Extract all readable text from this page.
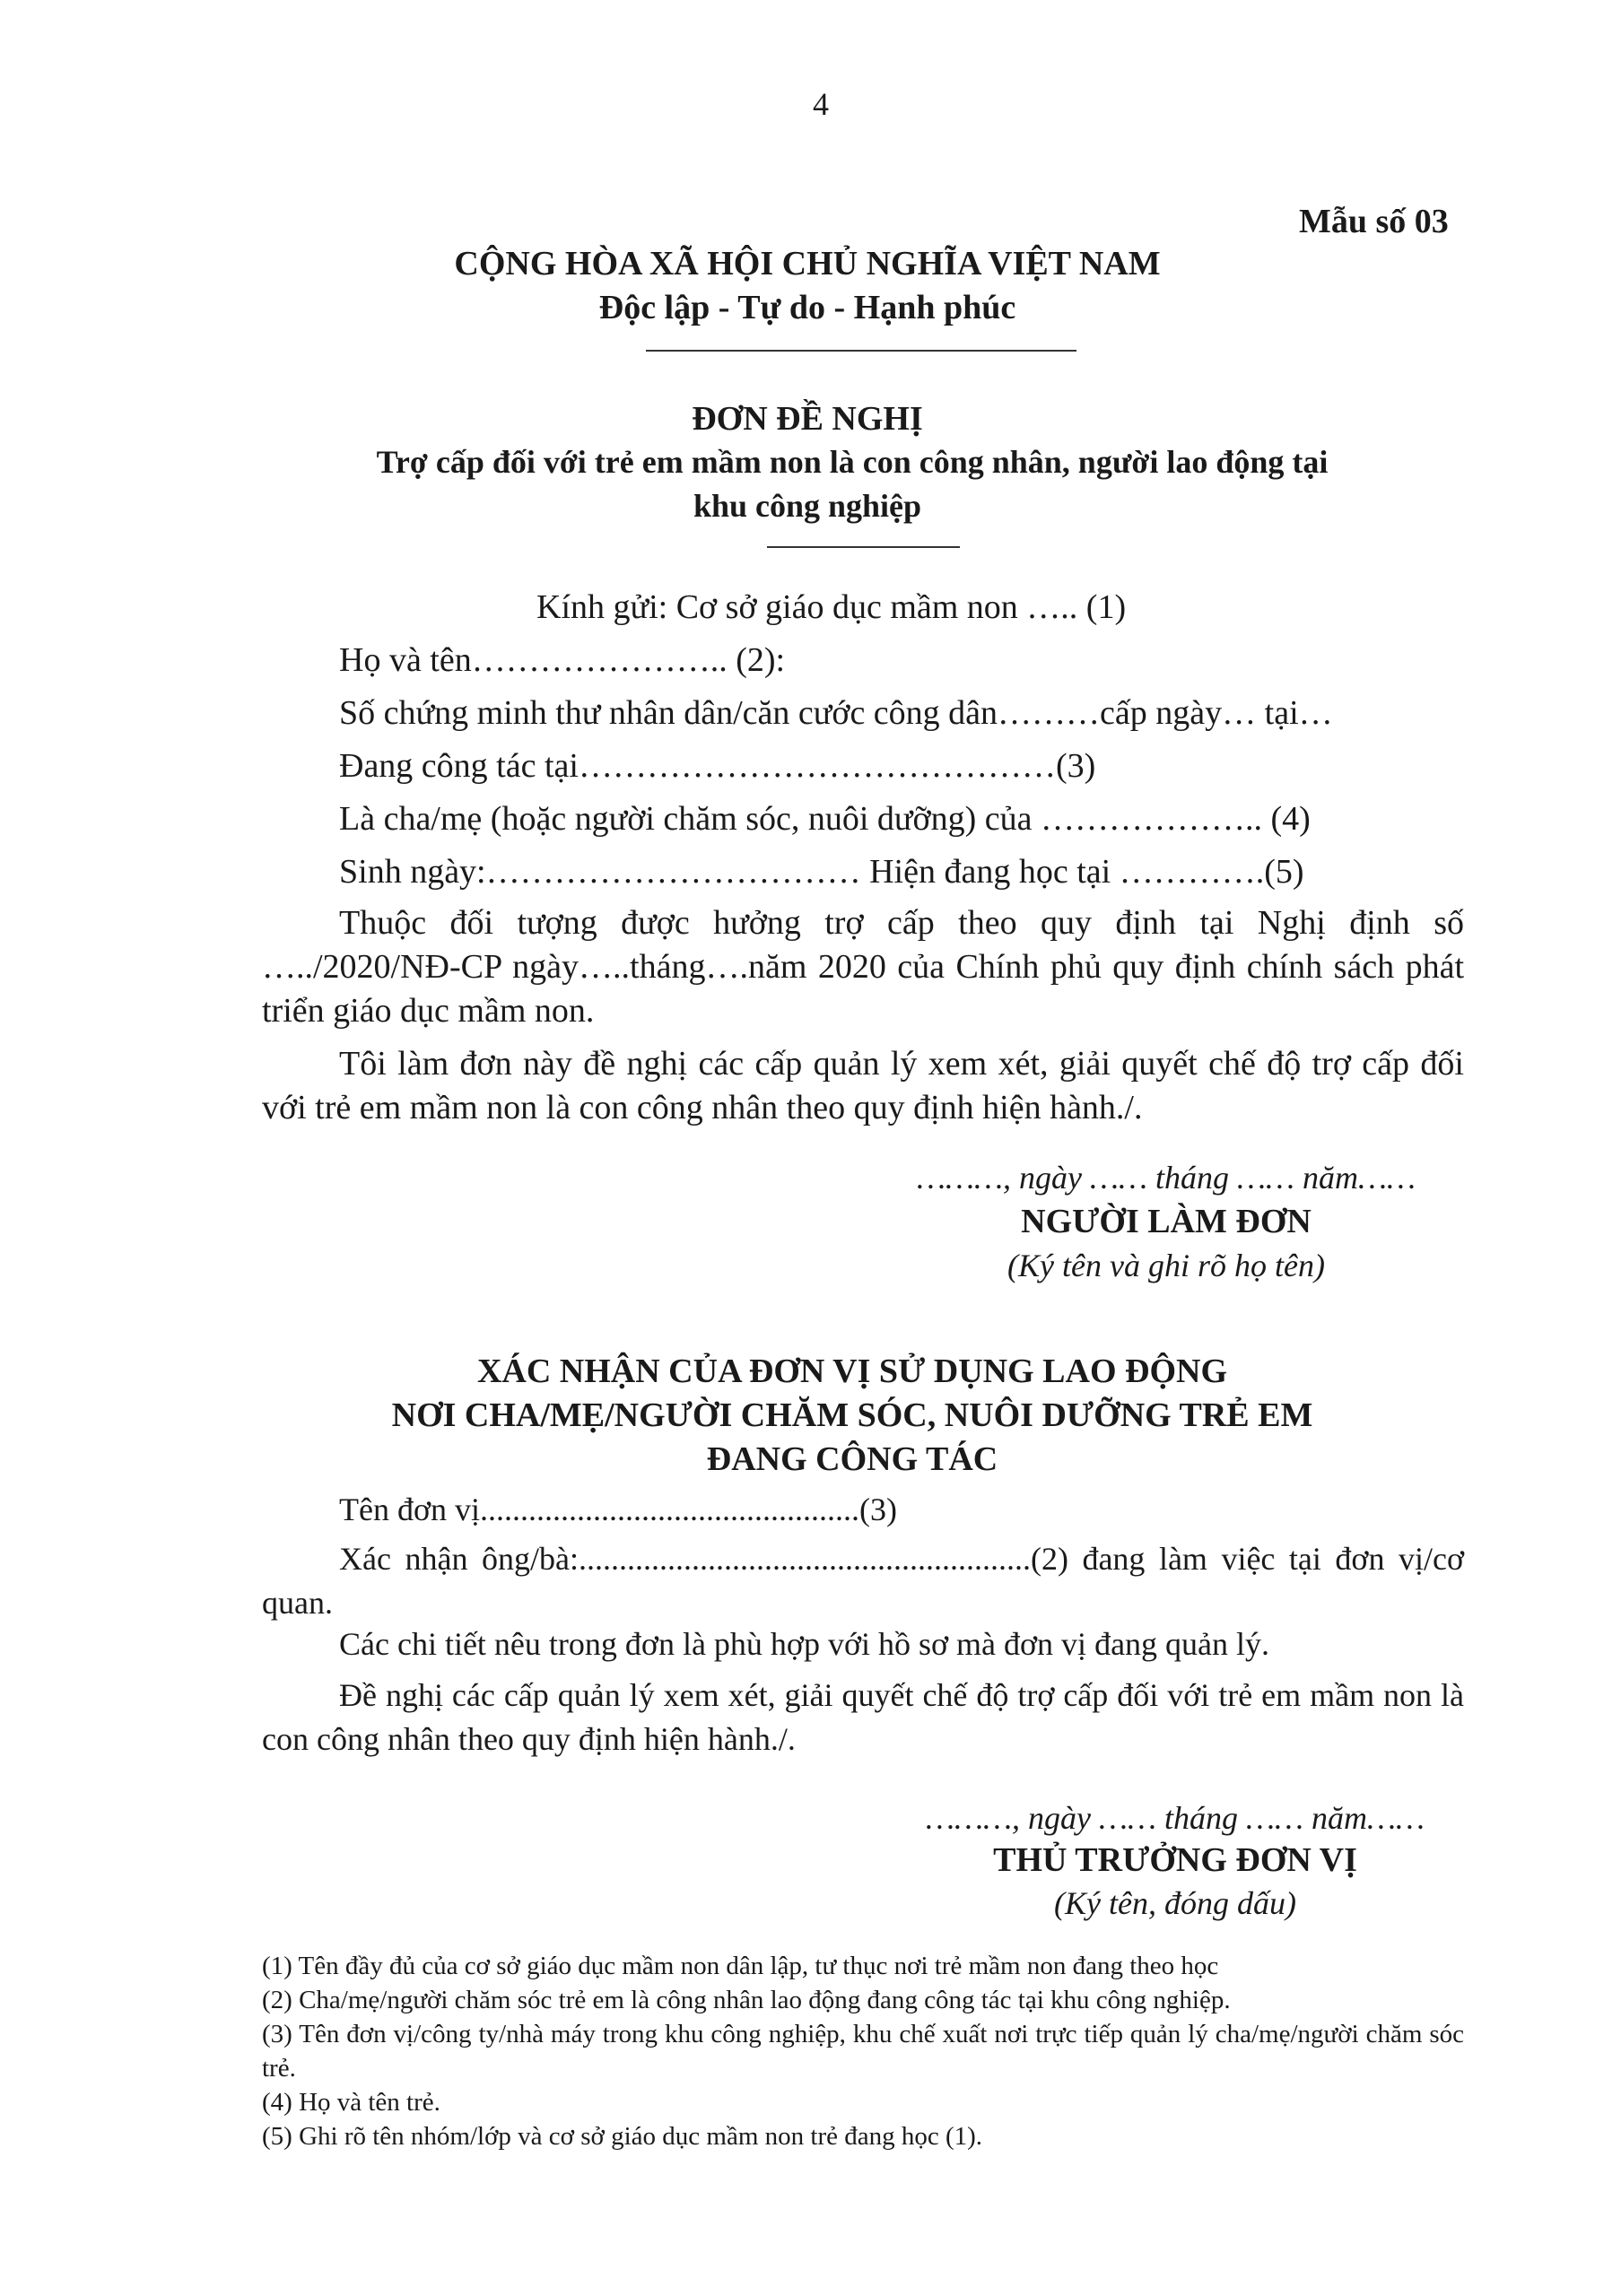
4
Mẫu số 03
CỘNG HÒA XÃ HỘI CHỦ NGHĨA VIỆT NAM
Độc lập - Tự do - Hạnh phúc
ĐƠN ĐỀ NGHỊ
Trợ cấp đối với trẻ em mầm non là con công nhân, người lao động tại
khu công nghiệp
Kính gửi: Cơ sở giáo dục mầm non ….. (1)
Họ và tên………………….. (2):
Số chứng minh thư nhân dân/căn cước công dân………cấp ngày… tại…
Đang công tác tại……………………………………(3)
Là cha/mẹ (hoặc người chăm sóc, nuôi dưỡng) của ……………….. (4)
Sinh ngày:…………………………… Hiện đang học tại ………….(5)
Thuộc đối tượng được hưởng trợ cấp theo quy định tại Nghị định số …../2020/NĐ-CP ngày…..tháng….năm 2020 của Chính phủ quy định chính sách phát triển giáo dục mầm non.
Tôi làm đơn này đề nghị các cấp quản lý xem xét, giải quyết chế độ trợ cấp đối với trẻ em mầm non là con công nhân theo quy định hiện hành./.
………, ngày …… tháng …… năm……
NGƯỜI LÀM ĐƠN
(Ký tên và ghi rõ họ tên)
XÁC NHẬN CỦA ĐƠN VỊ SỬ DỤNG LAO ĐỘNG
NƠI CHA/MẸ/NGƯỜI CHĂM SÓC, NUÔI DƯỠNG TRẺ EM
ĐANG CÔNG TÁC
Tên đơn vị...............................................(3)
Xác nhận ông/bà:........................................................(2) đang làm việc tại đơn vị/cơ quan.
Các chi tiết nêu trong đơn là phù hợp với hồ sơ mà đơn vị đang quản lý.
Đề nghị các cấp quản lý xem xét, giải quyết chế độ trợ cấp đối với trẻ em mầm non là con công nhân theo quy định hiện hành./.
………, ngày …… tháng …… năm……
THỦ TRƯỞNG ĐƠN VỊ
(Ký tên, đóng dấu)
(1) Tên đầy đủ của cơ sở giáo dục mầm non dân lập, tư thục nơi trẻ mầm non đang theo học
(2) Cha/mẹ/người chăm sóc trẻ em là công nhân lao động đang công tác tại khu công nghiệp.
(3) Tên đơn vị/công ty/nhà máy trong khu công nghiệp, khu chế xuất nơi trực tiếp quản lý cha/mẹ/người chăm sóc trẻ.
(4) Họ và tên trẻ.
(5) Ghi rõ tên nhóm/lớp và cơ sở giáo dục mầm non trẻ đang học (1).
